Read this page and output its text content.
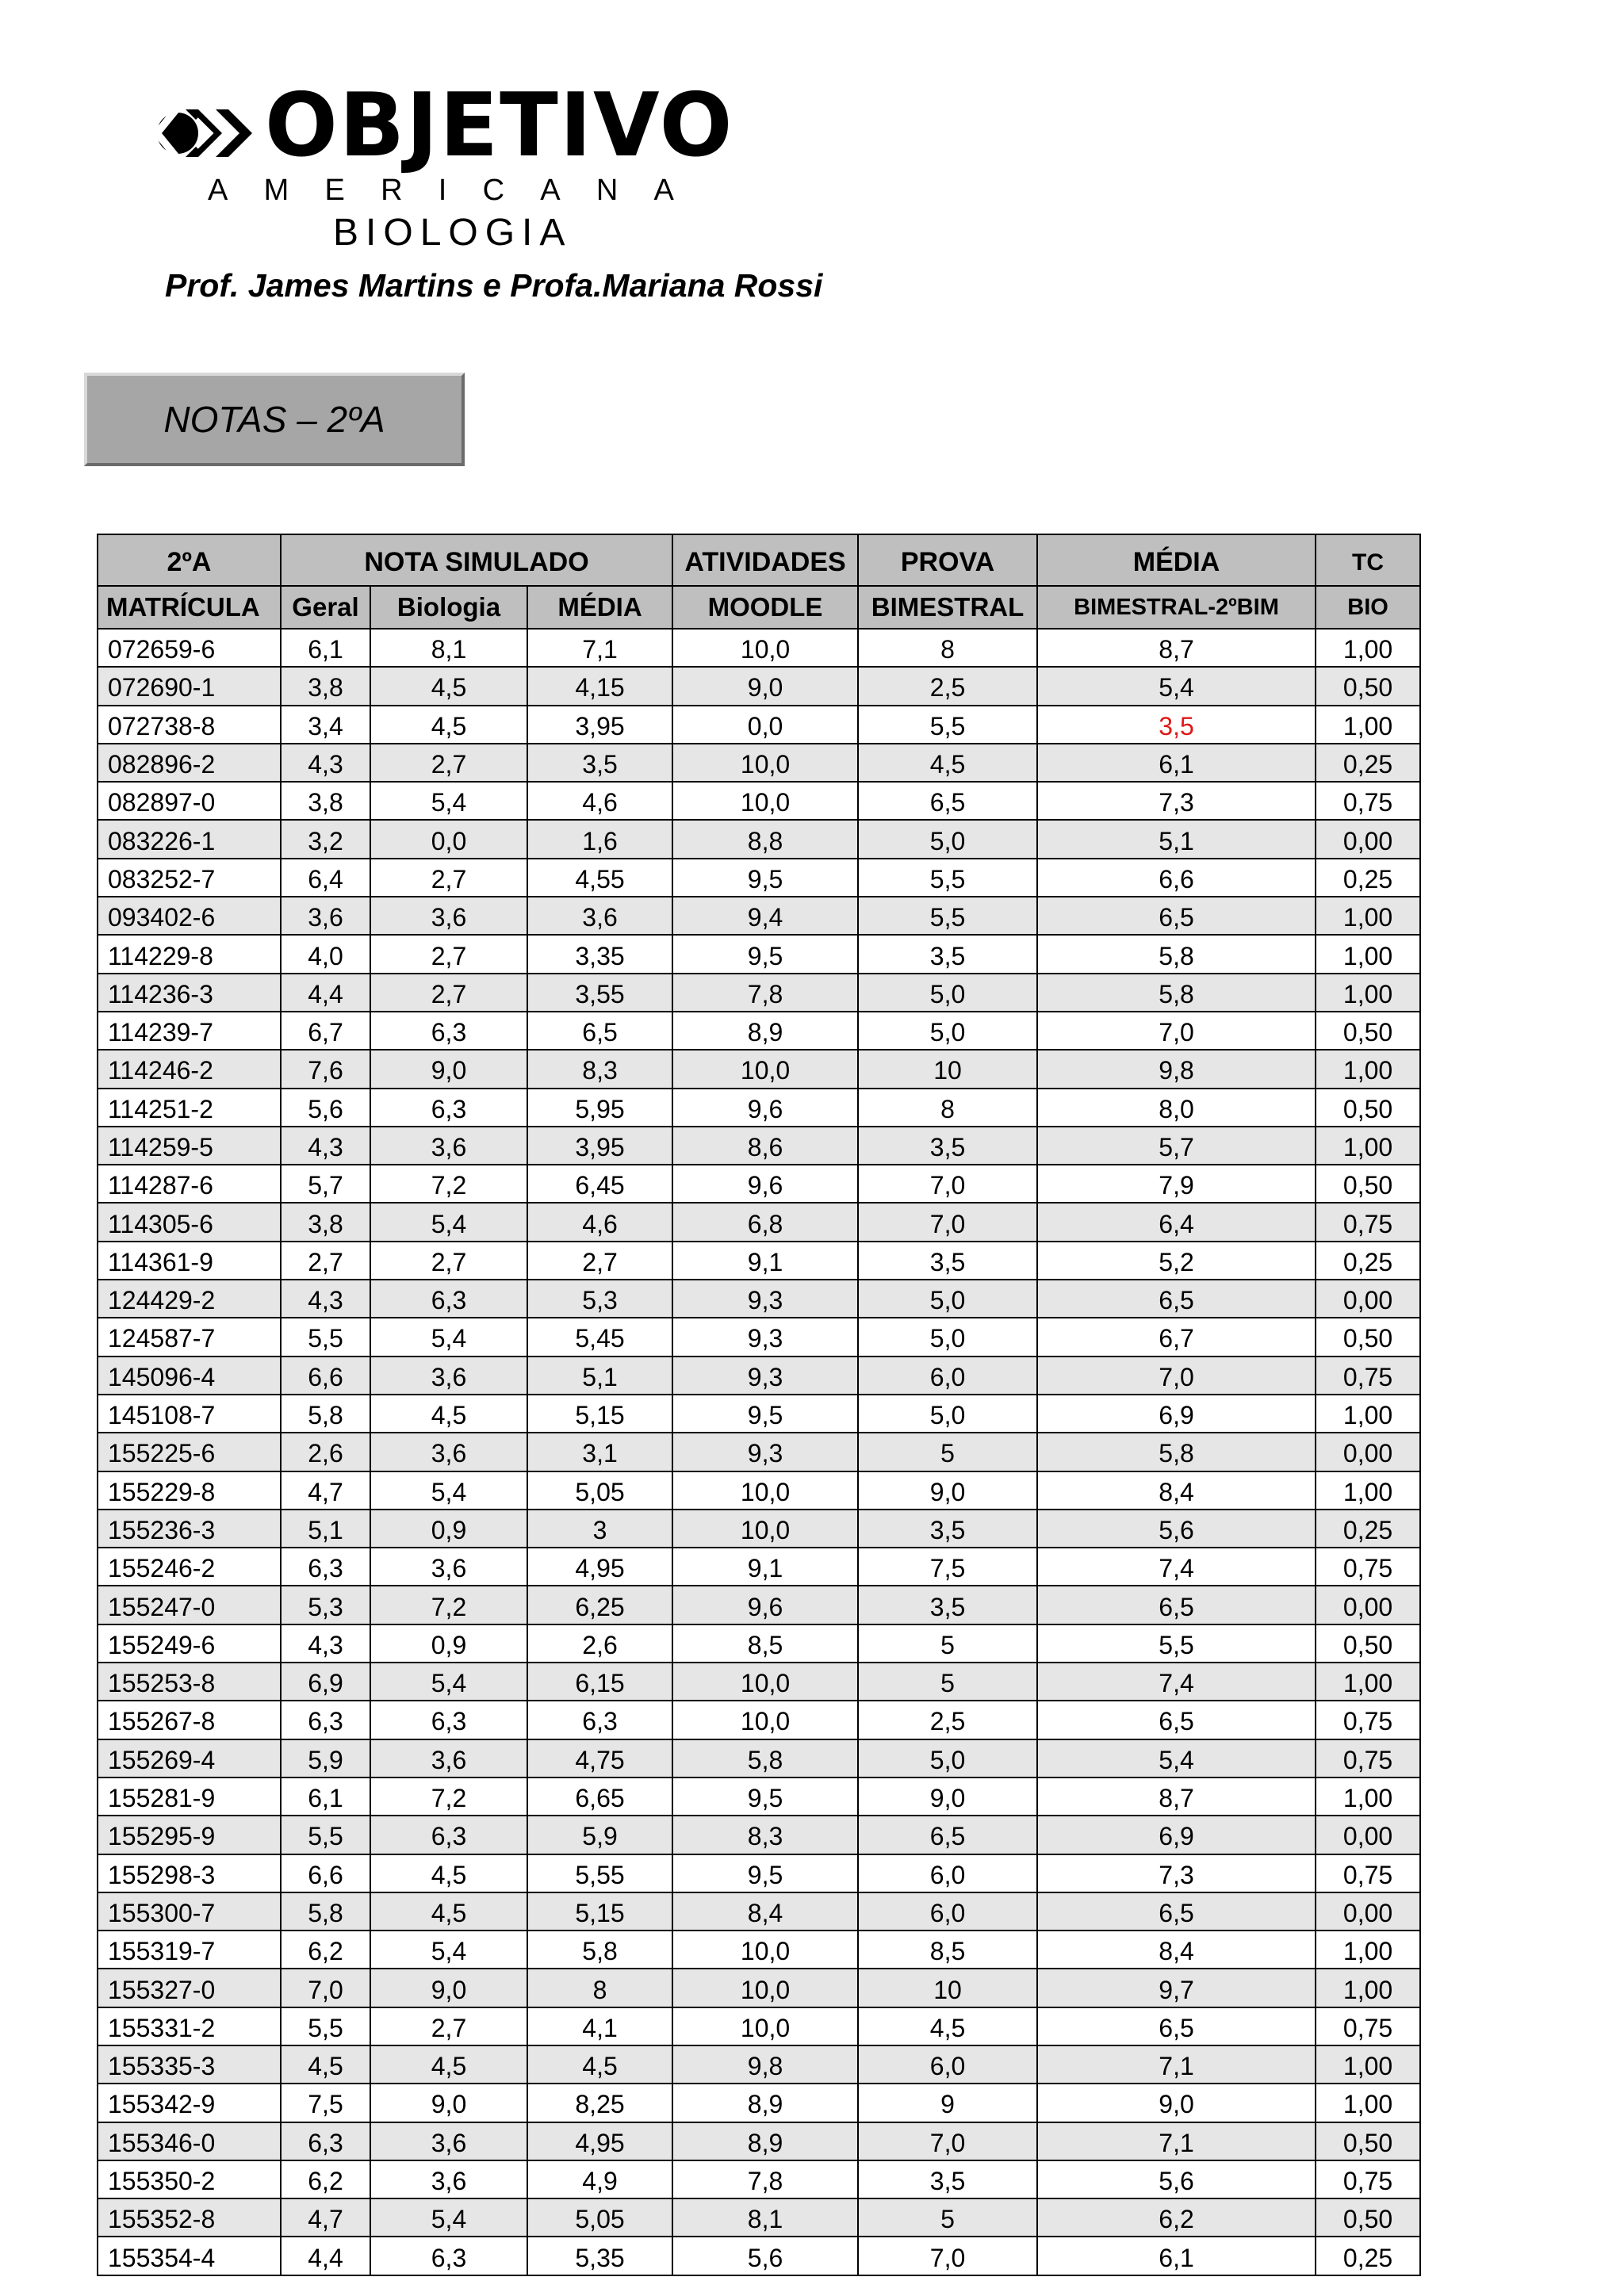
OBJETIVO
A M E R I C A N A
BIOLOGIA
Prof. James Martins e Profa.Mariana Rossi
NOTAS – 2ºA
2ºA	NOTA SIMULADO			ATIVIDADES	PROVA	MÉDIA	TC
MATRÍCULA	Geral	Biologia	MÉDIA	MOODLE	BIMESTRAL	BIMESTRAL-2ºBIM	BIO
072659-6	6,1	8,1	7,1	10,0	8	8,7	1,00
072690-1	3,8	4,5	4,15	9,0	2,5	5,4	0,50
072738-8	3,4	4,5	3,95	0,0	5,5	3,5	1,00
082896-2	4,3	2,7	3,5	10,0	4,5	6,1	0,25
082897-0	3,8	5,4	4,6	10,0	6,5	7,3	0,75
083226-1	3,2	0,0	1,6	8,8	5,0	5,1	0,00
083252-7	6,4	2,7	4,55	9,5	5,5	6,6	0,25
093402-6	3,6	3,6	3,6	9,4	5,5	6,5	1,00
114229-8	4,0	2,7	3,35	9,5	3,5	5,8	1,00
114236-3	4,4	2,7	3,55	7,8	5,0	5,8	1,00
114239-7	6,7	6,3	6,5	8,9	5,0	7,0	0,50
114246-2	7,6	9,0	8,3	10,0	10	9,8	1,00
114251-2	5,6	6,3	5,95	9,6	8	8,0	0,50
114259-5	4,3	3,6	3,95	8,6	3,5	5,7	1,00
114287-6	5,7	7,2	6,45	9,6	7,0	7,9	0,50
114305-6	3,8	5,4	4,6	6,8	7,0	6,4	0,75
114361-9	2,7	2,7	2,7	9,1	3,5	5,2	0,25
124429-2	4,3	6,3	5,3	9,3	5,0	6,5	0,00
124587-7	5,5	5,4	5,45	9,3	5,0	6,7	0,50
145096-4	6,6	3,6	5,1	9,3	6,0	7,0	0,75
145108-7	5,8	4,5	5,15	9,5	5,0	6,9	1,00
155225-6	2,6	3,6	3,1	9,3	5	5,8	0,00
155229-8	4,7	5,4	5,05	10,0	9,0	8,4	1,00
155236-3	5,1	0,9	3	10,0	3,5	5,6	0,25
155246-2	6,3	3,6	4,95	9,1	7,5	7,4	0,75
155247-0	5,3	7,2	6,25	9,6	3,5	6,5	0,00
155249-6	4,3	0,9	2,6	8,5	5	5,5	0,50
155253-8	6,9	5,4	6,15	10,0	5	7,4	1,00
155267-8	6,3	6,3	6,3	10,0	2,5	6,5	0,75
155269-4	5,9	3,6	4,75	5,8	5,0	5,4	0,75
155281-9	6,1	7,2	6,65	9,5	9,0	8,7	1,00
155295-9	5,5	6,3	5,9	8,3	6,5	6,9	0,00
155298-3	6,6	4,5	5,55	9,5	6,0	7,3	0,75
155300-7	5,8	4,5	5,15	8,4	6,0	6,5	0,00
155319-7	6,2	5,4	5,8	10,0	8,5	8,4	1,00
155327-0	7,0	9,0	8	10,0	10	9,7	1,00
155331-2	5,5	2,7	4,1	10,0	4,5	6,5	0,75
155335-3	4,5	4,5	4,5	9,8	6,0	7,1	1,00
155342-9	7,5	9,0	8,25	8,9	9	9,0	1,00
155346-0	6,3	3,6	4,95	8,9	7,0	7,1	0,50
155350-2	6,2	3,6	4,9	7,8	3,5	5,6	0,75
155352-8	4,7	5,4	5,05	8,1	5	6,2	0,50
155354-4	4,4	6,3	5,35	5,6	7,0	6,1	0,25
